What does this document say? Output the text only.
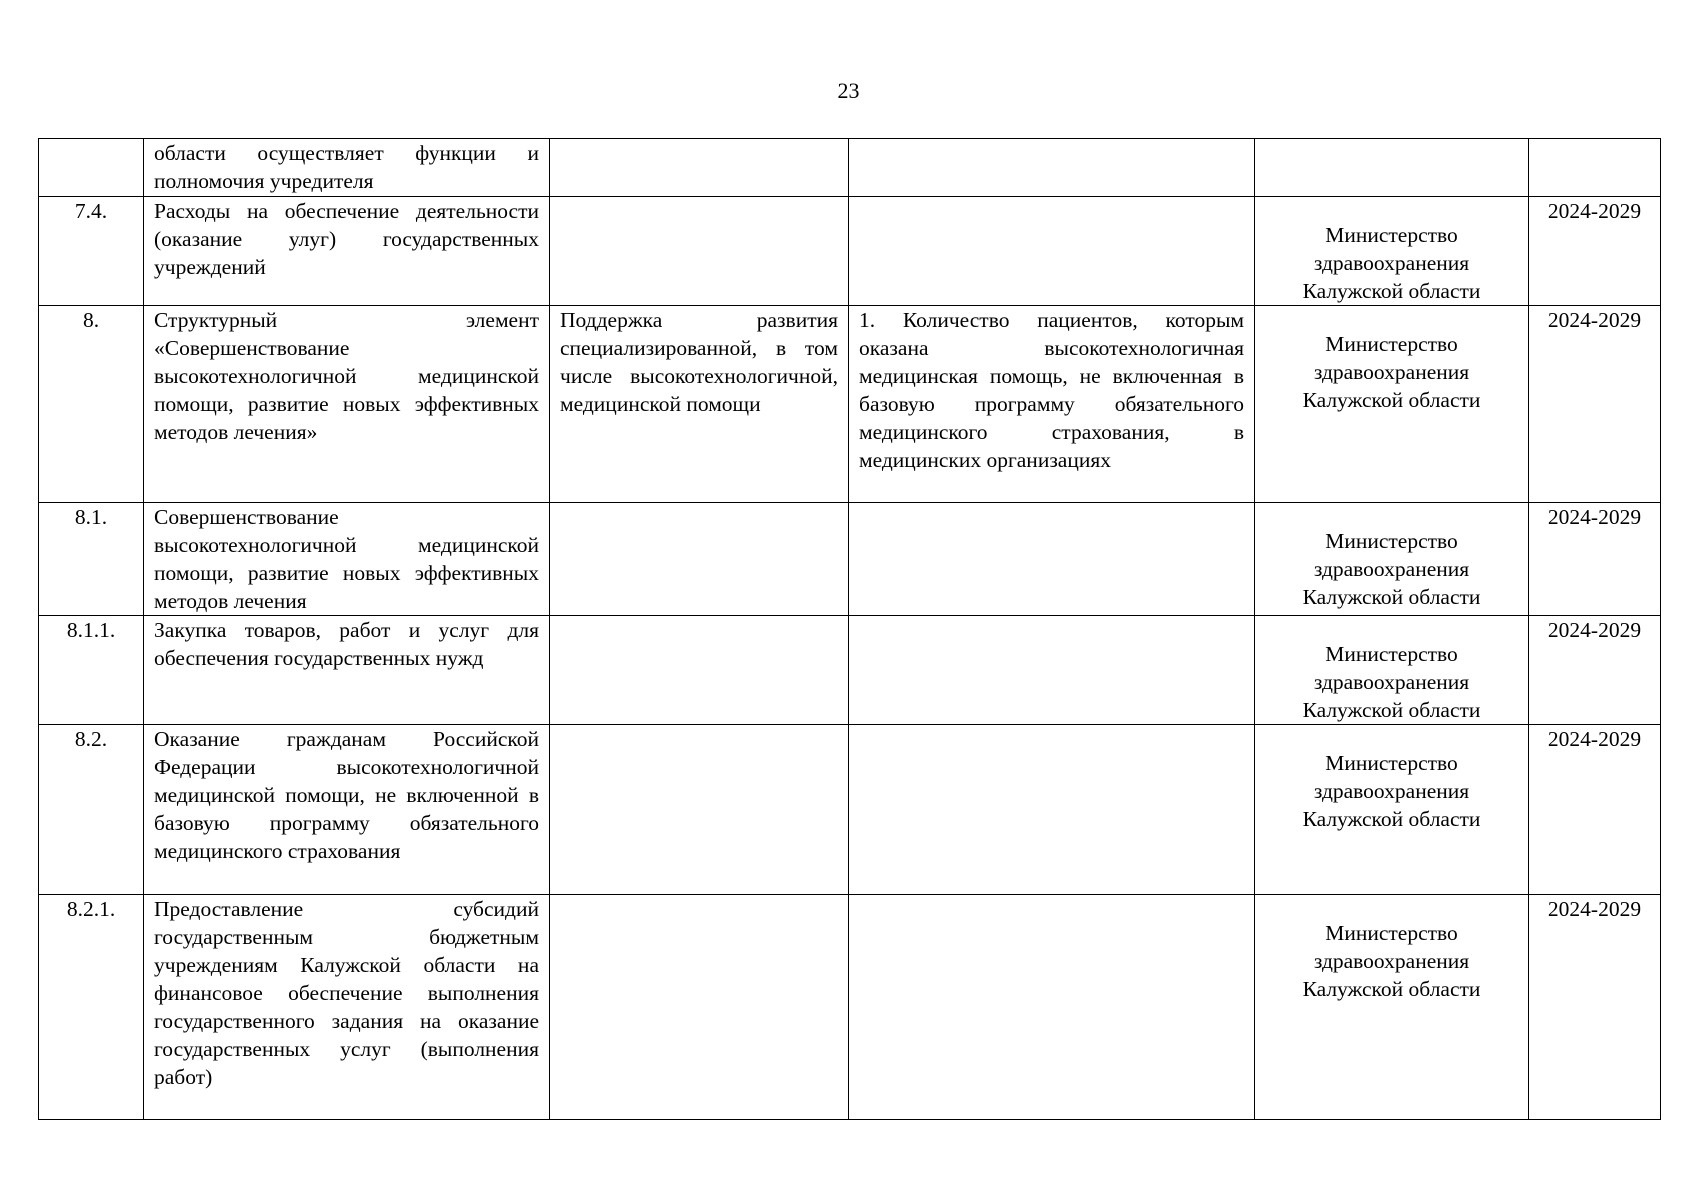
23
	области осуществляет функции и полномочия учредителя				
7.4.	Расходы на обеспечение деятельности (оказание улуг) государственных учреждений			Министерство здравоохранения Калужской области	2024-2029
8.	Структурный элемент «Совершенствование высокотехнологичной медицинской помощи, развитие новых эффективных методов лечения»	Поддержка развития специализированной, в том числе высокотехнологичной, медицинской помощи	1. Количество пациентов, которым оказана высокотехнологичная медицинская помощь, не включенная в базовую программу обязательного медицинского страхования, в медицинских организациях	Министерство здравоохранения Калужской области	2024-2029
8.1.	Совершенствование высокотехнологичной медицинской помощи, развитие новых эффективных методов лечения			Министерство здравоохранения Калужской области	2024-2029
8.1.1.	Закупка товаров, работ и услуг для обеспечения государственных нужд			Министерство здравоохранения Калужской области	2024-2029
8.2.	Оказание гражданам Российской Федерации высокотехнологичной медицинской помощи, не включенной в базовую программу обязательного медицинского страхования			Министерство здравоохранения Калужской области	2024-2029
8.2.1.	Предоставление субсидий государственным бюджетным учреждениям Калужской области на финансовое обеспечение выполнения государственного задания на оказание государственных услуг (выполнения работ)			Министерство здравоохранения Калужской области	2024-2029
